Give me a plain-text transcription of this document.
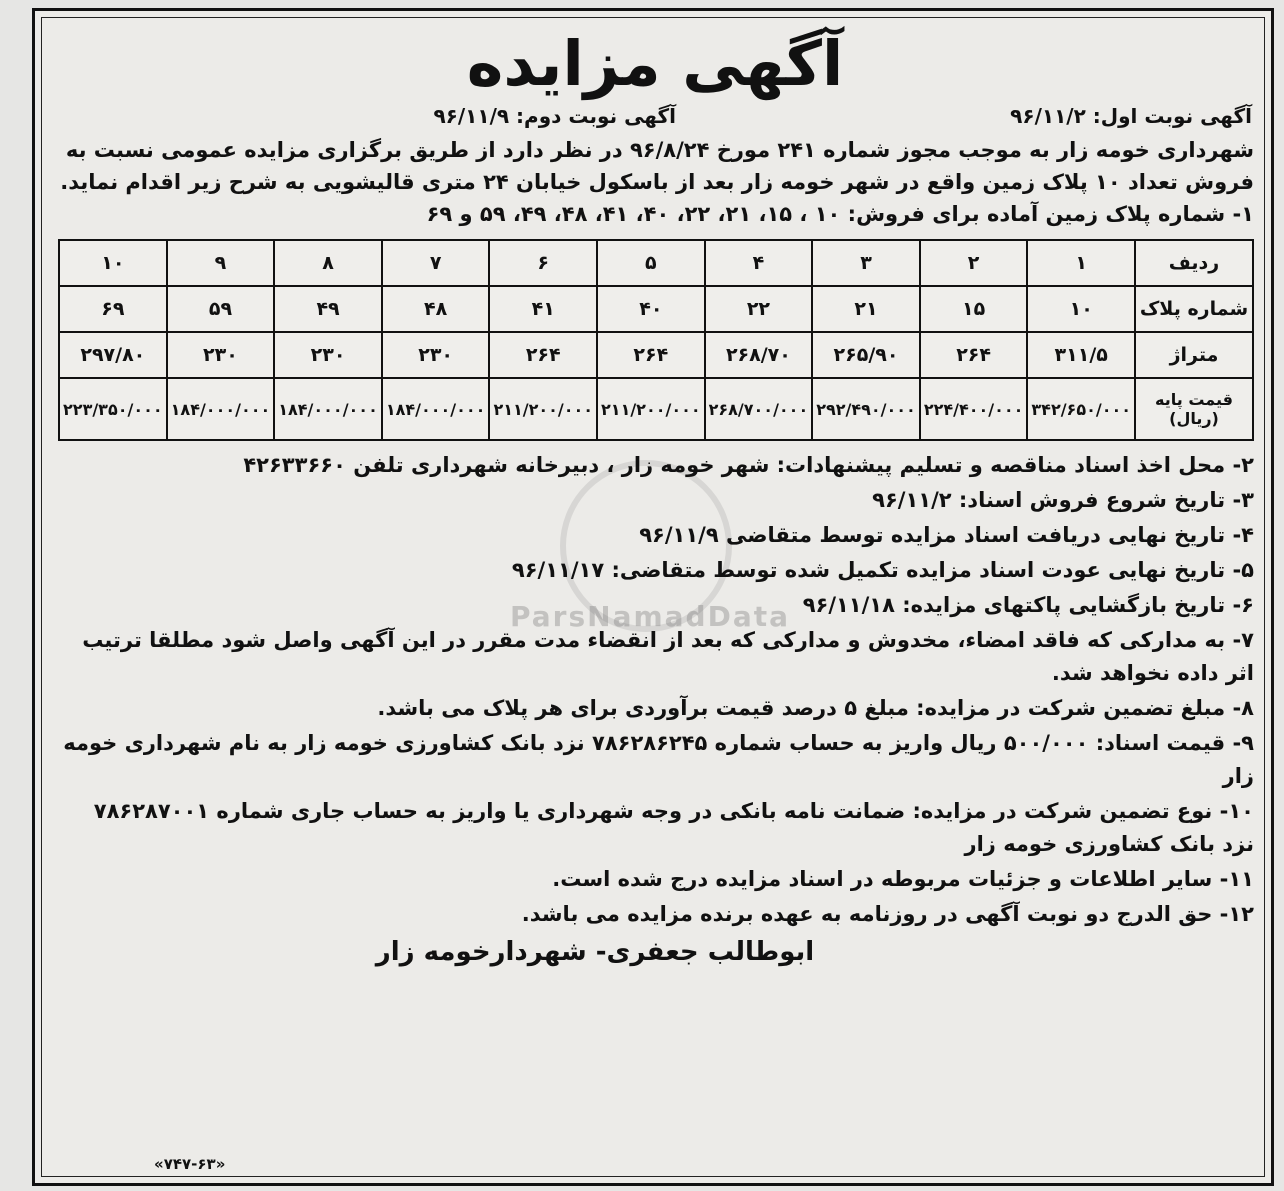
ParsNamadData
آگهی مزایده
آگهی نوبت اول: ۹۶/۱۱/۲
آگهی نوبت دوم: ۹۶/۱۱/۹

شهرداری خومه زار به موجب مجوز شماره ۲۴۱ مورخ ۹۶/۸/۲۴ در نظر دارد از طریق برگزاری مزایده عمومی نسبت به فروش تعداد ۱۰ پلاک زمین واقع در شهر خومه زار بعد از باسکول خیابان ۲۴ متری قالیشویی به شرح زیر اقدام نماید.

۱- شماره پلاک زمین آماده برای فروش: ۱۰ ، ۱۵، ۲۱، ۲۲، ۴۰، ۴۱، ۴۸، ۴۹، ۵۹ و ۶۹

ردیف	۱	۲	۳	۴	۵	۶	۷	۸	۹	۱۰
شماره پلاک	۱۰	۱۵	۲۱	۲۲	۴۰	۴۱	۴۸	۴۹	۵۹	۶۹
متراژ	۳۱۱/۵	۲۶۴	۲۶۵/۹۰	۲۶۸/۷۰	۲۶۴	۲۶۴	۲۳۰	۲۳۰	۲۳۰	۲۹۷/۸۰
قیمت پایه (ریال)	۳۴۲/۶۵۰/۰۰۰	۲۲۴/۴۰۰/۰۰۰	۲۹۲/۴۹۰/۰۰۰	۲۶۸/۷۰۰/۰۰۰	۲۱۱/۲۰۰/۰۰۰	۲۱۱/۲۰۰/۰۰۰	۱۸۴/۰۰۰/۰۰۰	۱۸۴/۰۰۰/۰۰۰	۱۸۴/۰۰۰/۰۰۰	۲۲۳/۳۵۰/۰۰۰

۲- محل اخذ اسناد مناقصه و تسلیم پیشنهادات: شهر خومه زار ، دبیرخانه شهرداری تلفن ۴۲۶۳۳۶۶۰

۳- تاریخ شروع فروش اسناد: ۹۶/۱۱/۲

۴- تاریخ نهایی دریافت اسناد مزایده توسط متقاضی ۹۶/۱۱/۹

۵- تاریخ نهایی عودت اسناد مزایده تکمیل شده توسط متقاضی: ۹۶/۱۱/۱۷

۶- تاریخ بازگشایی پاکتهای مزایده: ۹۶/۱۱/۱۸

۷- به مدارکی که فاقد امضاء، مخدوش و مدارکی که بعد از انقضاء مدت مقرر در این آگهی واصل شود مطلقا ترتیب اثر داده نخواهد شد.

۸- مبلغ تضمین شرکت در مزایده: مبلغ ۵ درصد قیمت برآوردی برای هر پلاک می باشد.

۹- قیمت اسناد: ۵۰۰/۰۰۰ ریال واریز به حساب شماره ۷۸۶۲۸۶۲۴۵ نزد بانک کشاورزی خومه زار به نام شهرداری خومه زار

۱۰- نوع تضمین شرکت در مزایده: ضمانت نامه بانکی در وجه شهرداری یا واریز به حساب جاری شماره ۷۸۶۲۸۷۰۰۱ نزد بانک کشاورزی خومه زار

۱۱- سایر اطلاعات و جزئیات مربوطه در اسناد مزایده درج شده است.

۱۲- حق الدرج دو نوبت آگهی در روزنامه به عهده برنده مزایده می باشد.

ابوطالب جعفری- شهردارخومه زار
«۷۴۷-۶۳»
